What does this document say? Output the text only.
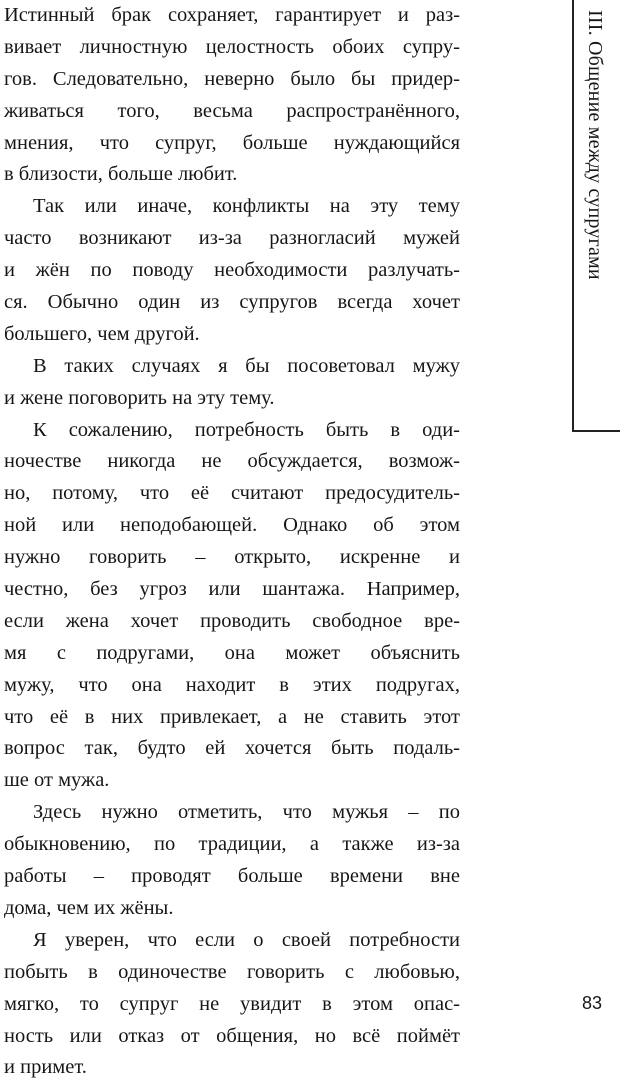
Истинный брак сохраняет, гарантирует и раз-
вивает личностную целостность обоих супру-
гов. Следовательно, неверно было бы придер-
живаться того, весьма распространённого,
мнения, что супруг, больше нуждающийся
в близости, больше любит.
Так или иначе, конфликты на эту тему
часто возникают из-за разногласий мужей
и жён по поводу необходимости разлучать-
ся. Обычно один из супругов всегда хочет
большего, чем другой.
В таких случаях я бы посоветовал мужу
и жене поговорить на эту тему.
К сожалению, потребность быть в оди-
ночестве никогда не обсуждается, возмож-
но, потому, что её считают предосудитель-
ной или неподобающей. Однако об этом
нужно говорить – открыто, искренне и
честно, без угроз или шантажа. Например,
если жена хочет проводить свободное вре-
мя с подругами, она может объяснить
мужу, что она находит в этих подругах,
что её в них привлекает, а не ставить этот
вопрос так, будто ей хочется быть подаль-
ше от мужа.
Здесь нужно отметить, что мужья – по
обыкновению, по традиции, а также из-за
работы – проводят больше времени вне
дома, чем их жёны.
Я уверен, что если о своей потребности
побыть в одиночестве говорить с любовью,
мягко, то супруг не увидит в этом опас-
ность или отказ от общения, но всё поймёт
и примет.
III. Общение между супругами
83
